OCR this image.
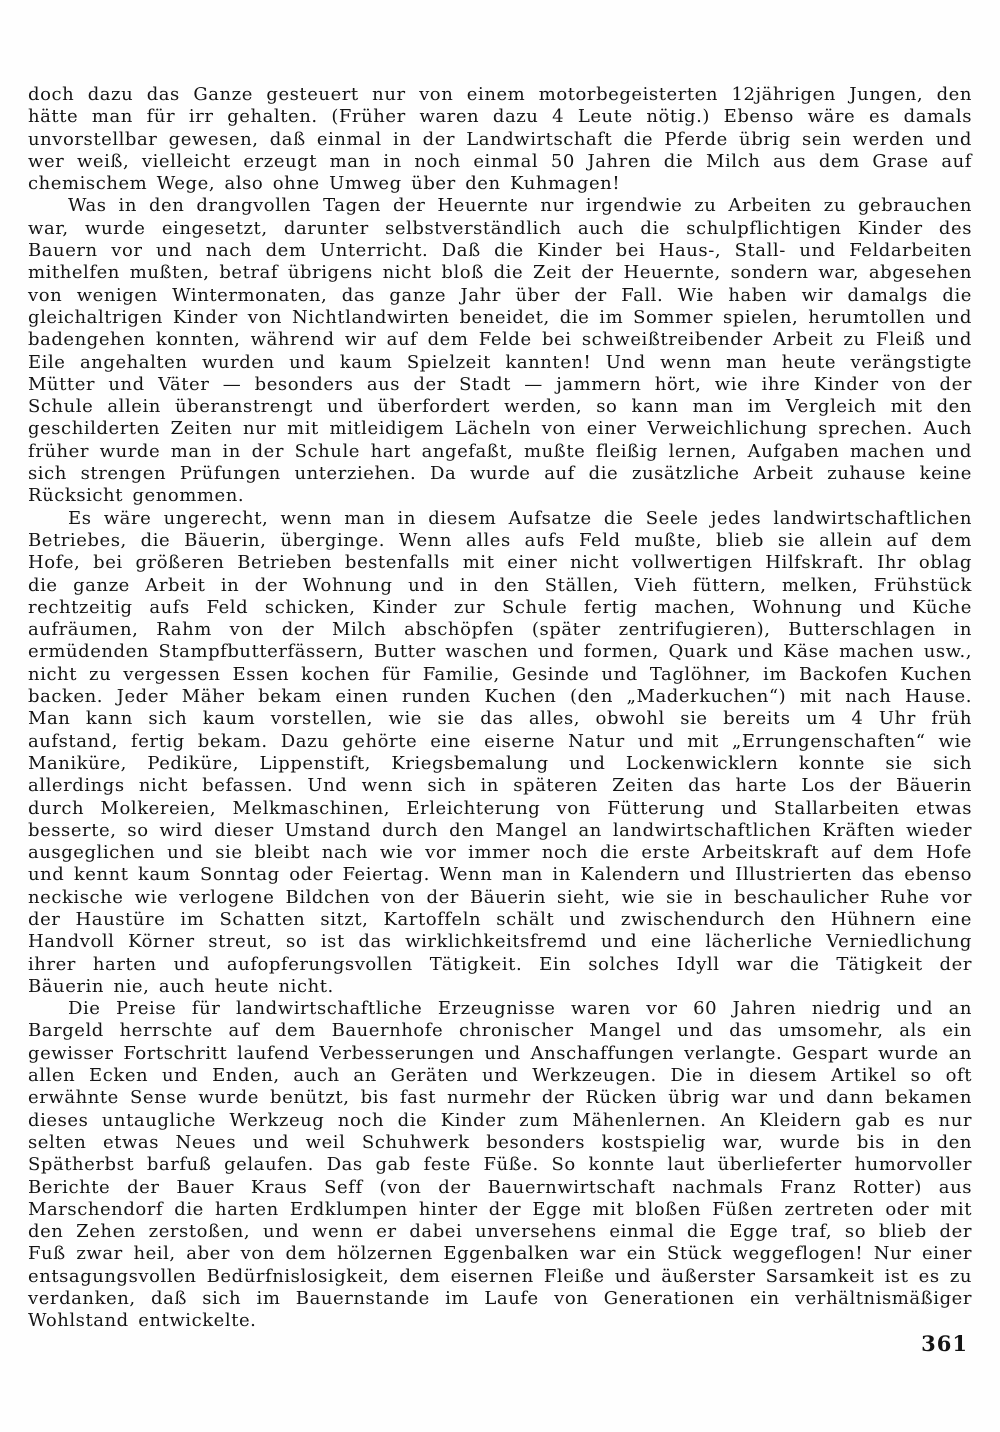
doch dazu das Ganze gesteuert nur von einem motorbegeisterten 12jährigen Jungen, den hätte man für irr gehalten. (Früher waren dazu 4 Leute nötig.) Ebenso wäre es damals unvorstellbar gewesen, daß einmal in der Landwirtschaft die Pferde übrig sein werden und wer weiß, vielleicht erzeugt man in noch einmal 50 Jahren die Milch aus dem Grase auf chemischem Wege, also ohne Umweg über den Kuhmagen!

Was in den drangvollen Tagen der Heuernte nur irgendwie zu Arbeiten zu gebrauchen war, wurde eingesetzt, darunter selbstverständlich auch die schulpflichtigen Kinder des Bauern vor und nach dem Unterricht. Daß die Kinder bei Haus-, Stall- und Feldarbeiten mithelfen mußten, betraf übrigens nicht bloß die Zeit der Heuernte, sondern war, abgesehen von wenigen Wintermonaten, das ganze Jahr über der Fall. Wie haben wir damalgs die gleichaltrigen Kinder von Nichtlandwirten beneidet, die im Sommer spielen, herumtollen und badengehen konnten, während wir auf dem Felde bei schweißtreibender Arbeit zu Fleiß und Eile angehalten wurden und kaum Spielzeit kannten! Und wenn man heute verängstigte Mütter und Väter — besonders aus der Stadt — jammern hört, wie ihre Kinder von der Schule allein überanstrengt und überfordert werden, so kann man im Vergleich mit den geschilderten Zeiten nur mit mitleidigem Lächeln von einer Verweichlichung sprechen. Auch früher wurde man in der Schule hart angefaßt, mußte fleißig lernen, Aufgaben machen und sich strengen Prüfungen unterziehen. Da wurde auf die zusätzliche Arbeit zuhause keine Rücksicht genommen.

Es wäre ungerecht, wenn man in diesem Aufsatze die Seele jedes landwirtschaftlichen Betriebes, die Bäuerin, überginge. Wenn alles aufs Feld mußte, blieb sie allein auf dem Hofe, bei größeren Betrieben bestenfalls mit einer nicht vollwertigen Hilfskraft. Ihr oblag die ganze Arbeit in der Wohnung und in den Ställen, Vieh füttern, melken, Frühstück rechtzeitig aufs Feld schicken, Kinder zur Schule fertig machen, Wohnung und Küche aufräumen, Rahm von der Milch abschöpfen (später zentrifugieren), Butterschlagen in ermüdenden Stampfbutterfässern, Butter waschen und formen, Quark und Käse machen usw., nicht zu vergessen Essen kochen für Familie, Gesinde und Taglöhner, im Backofen Kuchen backen. Jeder Mäher bekam einen runden Kuchen (den „Maderkuchen“) mit nach Hause. Man kann sich kaum vorstellen, wie sie das alles, obwohl sie bereits um 4 Uhr früh aufstand, fertig bekam. Dazu gehörte eine eiserne Natur und mit „Errungenschaften“ wie Maniküre, Pediküre, Lippenstift, Kriegsbemalung und Lockenwicklern konnte sie sich allerdings nicht befassen. Und wenn sich in späteren Zeiten das harte Los der Bäuerin durch Molkereien, Melkmaschinen, Erleichterung von Fütterung und Stallarbeiten etwas besserte, so wird dieser Umstand durch den Mangel an landwirtschaftlichen Kräften wieder ausgeglichen und sie bleibt nach wie vor immer noch die erste Arbeitskraft auf dem Hofe und kennt kaum Sonntag oder Feiertag. Wenn man in Kalendern und Illustrierten das ebenso neckische wie verlogene Bildchen von der Bäuerin sieht, wie sie in beschaulicher Ruhe vor der Haustüre im Schatten sitzt, Kartoffeln schält und zwischendurch den Hühnern eine Handvoll Körner streut, so ist das wirklichkeitsfremd und eine lächerliche Verniedlichung ihrer harten und aufopferungsvollen Tätigkeit. Ein solches Idyll war die Tätigkeit der Bäuerin nie, auch heute nicht.

Die Preise für landwirtschaftliche Erzeugnisse waren vor 60 Jahren niedrig und an Bargeld herrschte auf dem Bauernhofe chronischer Mangel und das umsomehr, als ein gewisser Fortschritt laufend Verbesserungen und Anschaffungen verlangte. Gespart wurde an allen Ecken und Enden, auch an Geräten und Werkzeugen. Die in diesem Artikel so oft erwähnte Sense wurde benützt, bis fast nurmehr der Rücken übrig war und dann bekamen dieses untaugliche Werkzeug noch die Kinder zum Mähenlernen. An Kleidern gab es nur selten etwas Neues und weil Schuhwerk besonders kostspielig war, wurde bis in den Spätherbst barfuß gelaufen. Das gab feste Füße. So konnte laut überlieferter humorvoller Berichte der Bauer Kraus Seff (von der Bauernwirtschaft nachmals Franz Rotter) aus Marschendorf die harten Erdklumpen hinter der Egge mit bloßen Füßen zertreten oder mit den Zehen zerstoßen, und wenn er dabei unversehens einmal die Egge traf, so blieb der Fuß zwar heil, aber von dem hölzernen Eggenbalken war ein Stück weggeflogen! Nur einer entsagungsvollen Bedürfnislosigkeit, dem eisernen Fleiße und äußerster Sarsamkeit ist es zu verdanken, daß sich im Bauernstande im Laufe von Generationen ein verhältnismäßiger Wohlstand entwickelte.

361
